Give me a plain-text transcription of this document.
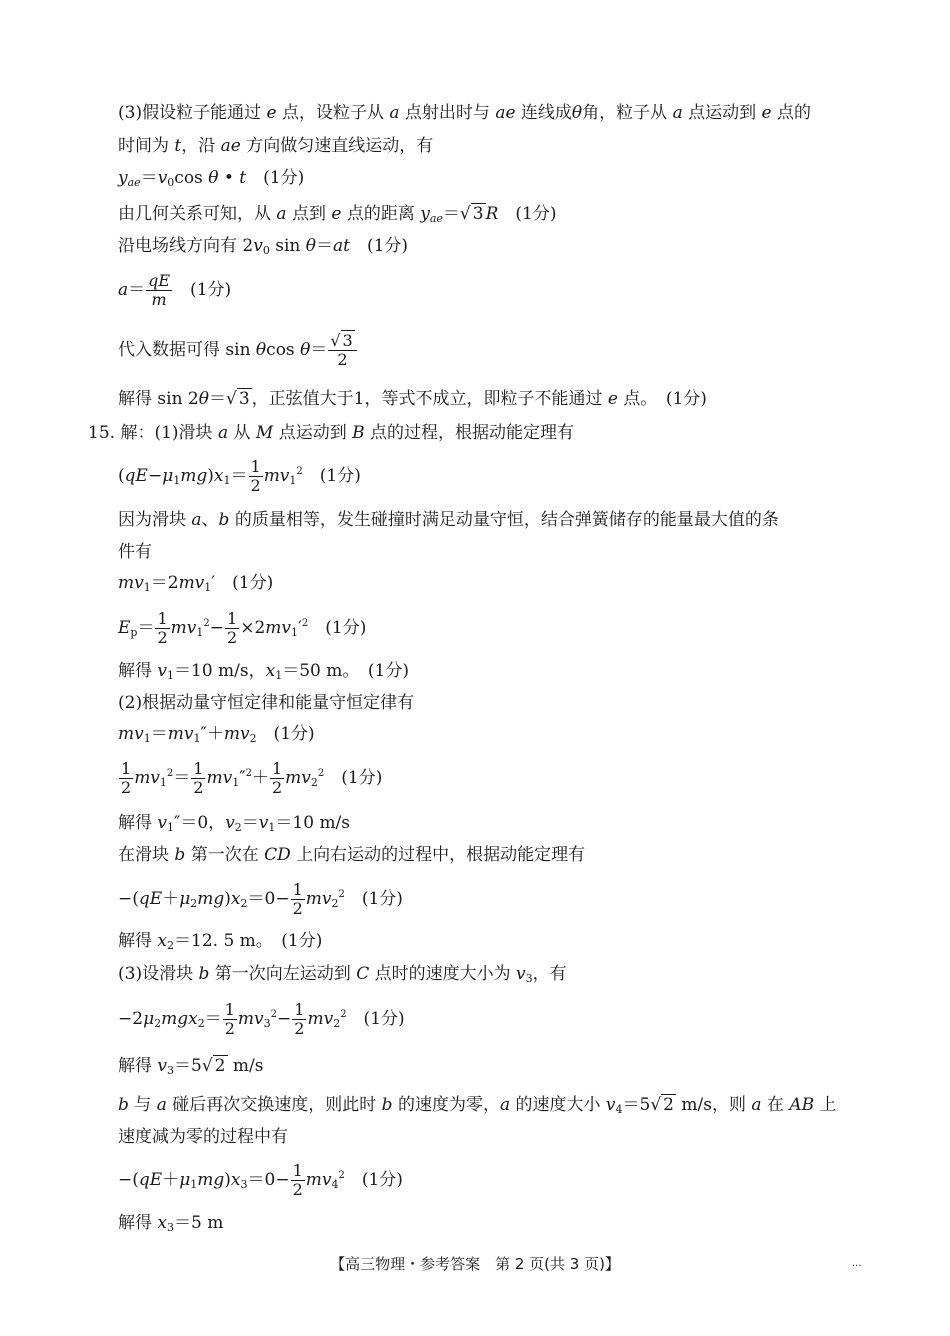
(3)假设粒子能通过 e 点，设粒子从 a 点射出时与 ae 连线成θ角，粒子从 a 点运动到 e 点的
时间为 t，沿 ae 方向做匀速直线运动，有
$y_{ae}=v_0\cos$ θ • t　(1分)
由几何关系可知，从 a 点到 e 点的距离 $y_{ae}=√$ 3 R　(1分)
沿电场线方向有 $2v_0$ sin θ＝at　(1分)
$a= \frac{qE}{m}$ 　(1分)
代入数据可得 sin θcos $\theta= \frac{√ 3}{2}$
解得 sin 2θ＝√ 3 ，正弦值大于1，等式不成立，即粒子不能通过 e 点。　(1分)
15. 解：(1)滑块 a 从 M 点运动到 B 点的过程，根据动能定理有
$(qE-\mu_1mg)x_1= \frac{1}{2} mv_1^2$　(1分)
因为滑块 a、b 的质量相等，发生碰撞时满足动量守恒，结合弹簧储存的能量最大值的条
件有
$mv_1=2mv_1'$　(1分)
$E_p= \frac{1}{2} mv_1^2- \frac{1}{2} \times 2mv_1'^2$　(1分)
解得 $v_1=10$ m/s，$x_1=50$ m。　(1分)
(2)根据动量守恒定律和能量守恒定律有
$mv_1=mv_1''+mv_2$　(1分)
$\frac{1}{2} mv_1^2= \frac{1}{2} mv_1''^2+ \frac{1}{2} mv_2^2$　(1分)
解得 $v_1''=0$，$v_2=v_1=10$ m/s
在滑块 b 第一次在 CD 上向右运动的过程中，根据动能定理有
$-(qE+\mu_2mg)x_2=0- \frac{1}{2} mv_2^2$　(1分)
解得 $x_2=12$. 5 m。　(1分)
(3)设滑块 b 第一次向左运动到 C 点时的速度大小为 $v_3$，有
$-2\mu_2mgx_2= \frac{1}{2} mv_3^2- \frac{1}{2} mv_2^2$　(1分)
解得 $v_3=5√$ 2 m/s
b 与 a 碰后再次交换速度，则此时 b 的速度为零，a 的速度大小 $v_4=5√$ 2 m/s，则 a 在 AB 上
速度减为零的过程中有
$-(qE+\mu_1mg)x_3=0- \frac{1}{2} mv_4^2$　(1分)
解得 $x_3=5$ m
【高三物理・参考答案　第 2 页(共 3 页)】	...
